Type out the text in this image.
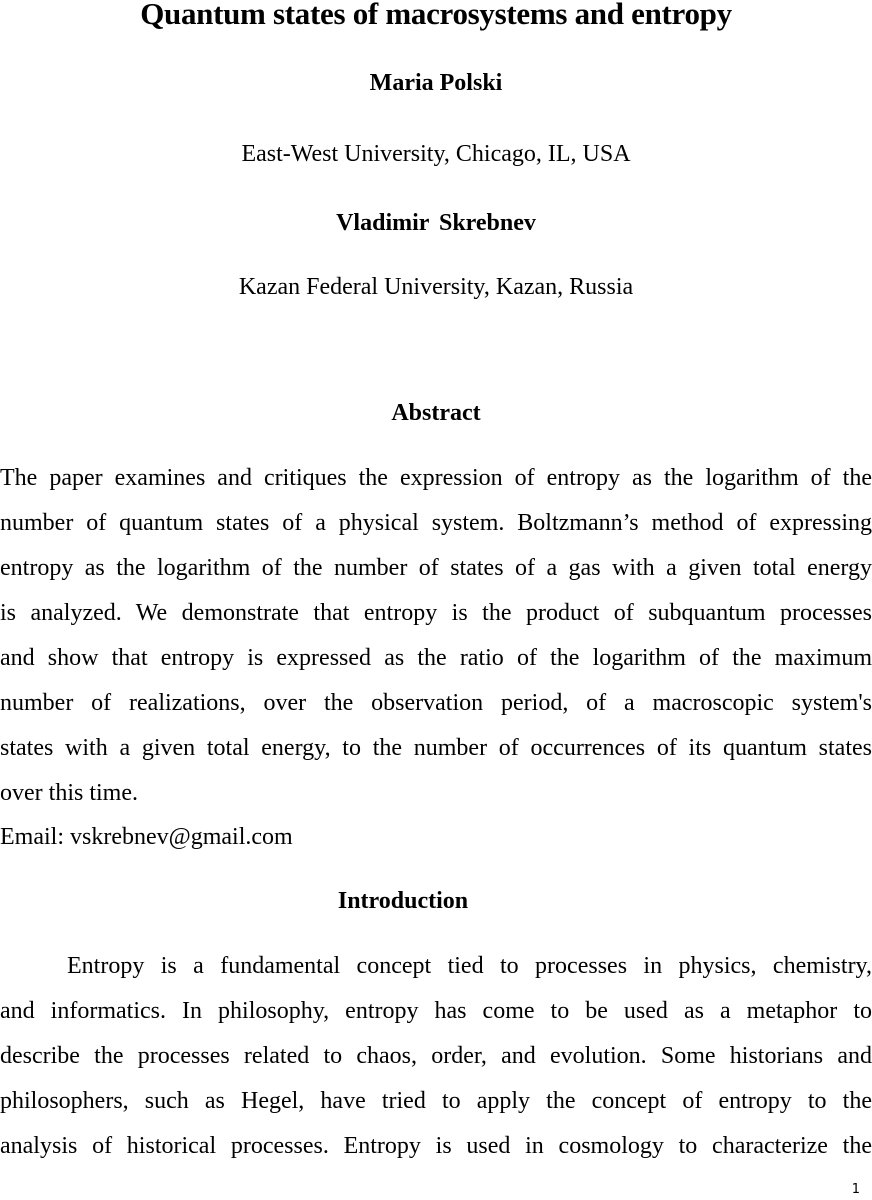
Quantum states of macrosystems and entropy

Maria Polski

East-West University, Chicago, IL, USA

Vladimir Skrebnev

Kazan Federal University, Kazan, Russia

Abstract
The paper examines and critiques the expression of entropy as the logarithm of the
number of quantum states of a physical system. Boltzmann’s method of expressing
entropy as the logarithm of the number of states of a gas with a given total energy
is analyzed. We demonstrate that entropy is the product of subquantum processes
and show that entropy is expressed as the ratio of the logarithm of the maximum
number of realizations, over the observation period, of a macroscopic system's
states with a given total energy, to the number of occurrences of its quantum states
over this time.

Email: vskrebnev@gmail.com

Introduction
Entropy is a fundamental concept tied to processes in physics, chemistry,
and informatics. In philosophy, entropy has come to be used as a metaphor to
describe the processes related to chaos, order, and evolution. Some historians and
philosophers, such as Hegel, have tried to apply the concept of entropy to the
analysis of historical processes. Entropy is used in cosmology to characterize the
1
